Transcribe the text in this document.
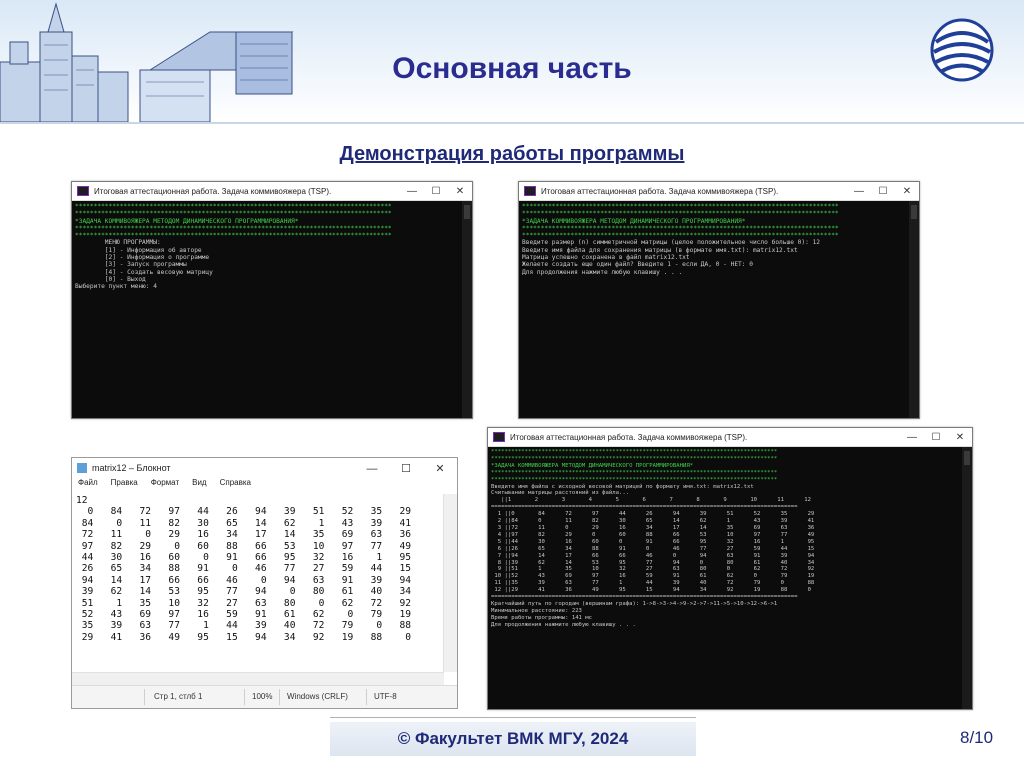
Основная часть
Демонстрация работы программы
Итоговая аттестационная работа. Задача коммивояжера (TSP).	—	☐	✕
*************************************************************************************
*************************************************************************************
*ЗАДАЧА КОММИВОЯЖЕРА МЕТОДОМ ДИНАМИЧЕСКОГО ПРОГРАММИРОВАНИЯ*
*************************************************************************************
*************************************************************************************
МЕНЮ ПРОГРАММЫ:
[1] - Информация об авторе
[2] - Информация о программе
[3] - Запуск программы
[4] - Создать весовую матрицу
[0] - Выход
Выберите пункт меню: 4
Итоговая аттестационная работа. Задача коммивояжера (TSP).	—	☐	✕
*************************************************************************************
*************************************************************************************
*ЗАДАЧА КОММИВОЯЖЕРА МЕТОДОМ ДИНАМИЧЕСКОГО ПРОГРАММИРОВАНИЯ*
*************************************************************************************
*************************************************************************************
Введите размер (n) симметричной матрицы (целое положительное число больше 0): 12
Введите имя файла для сохранения матрицы (в формате имя.txt): matrix12.txt
Матрица успешно сохранена в файл matrix12.txt
Желаете создать еще один файл? Введите 1 - если ДА, 0 - НЕТ: 0
Для продолжения нажмите любую клавишу . . .
matrix12 – Блокнот	— ☐ ✕
Файл Правка Формат Вид Справка
12
0   84   72   97   44   26   94   39   51   52   35   29
84    0   11   82   30   65   14   62    1   43   39   41
72   11    0   29   16   34   17   14   35   69   63   36
97   82   29    0   60   88   66   53   10   97   77   49
44   30   16   60    0   91   66   95   32   16    1   95
26   65   34   88   91    0   46   77   27   59   44   15
94   14   17   66   66   46    0   94   63   91   39   94
39   62   14   53   95   77   94    0   80   61   40   34
51    1   35   10   32   27   63   80    0   62   72   92
52   43   69   97   16   59   91   61   62    0   79   19
35   39   63   77    1   44   39   40   72   79    0   88
29   41   36   49   95   15   94   34   92   19   88    0
Стр 1, стлб 1	100% Windows (CRLF)	UTF-8
Итоговая аттестационная работа. Задача коммивояжера (TSP).	—	☐	✕
*************************************************************************************
*************************************************************************************
*ЗАДАЧА КОММИВОЯЖЕРА МЕТОДОМ ДИНАМИЧЕСКОГО ПРОГРАММИРОВАНИЯ*
*************************************************************************************
*************************************************************************************
Введите имя файла с исходной весовой матрицей по формату имя.txt: matrix12.txt
Считывание матрицы расстояний из файла...
||1       2       3       4       5       6       7       8       9       10      11      12
===========================================================================================
1 ||0       84      72      97      44      26      94      39      51      52      35      29
2 ||84      0       11      82      30      65      14      62      1       43      39      41
3 ||72      11      0       29      16      34      17      14      35      69      63      36
4 ||97      82      29      0       60      88      66      53      10      97      77      49
5 ||44      30      16      60      0       91      66      95      32      16      1       95
6 ||26      65      34      88      91      0       46      77      27      59      44      15
7 ||94      14      17      66      66      46      0       94      63      91      39      94
8 ||39      62      14      53      95      77      94      0       80      61      40      34
9 ||51      1       35      10      32      27      63      80      0       62      72      92
10 ||52      43      69      97      16      59      91      61      62      0       79      19
11 ||35      39      63      77      1       44      39      40      72      79      0       88
12 ||29      41      36      49      95      15      94      34      92      19      88      0
===========================================================================================
Кратчайший путь по городам (вершинам графа): 1->8->3->4->9->2->7->11->5->10->12->6->1
Минимальное расстояние: 223
Время работы программы: 141 мс
Для продолжения нажмите любую клавишу . . .
© Факультет ВМК МГУ, 2024	8/10
